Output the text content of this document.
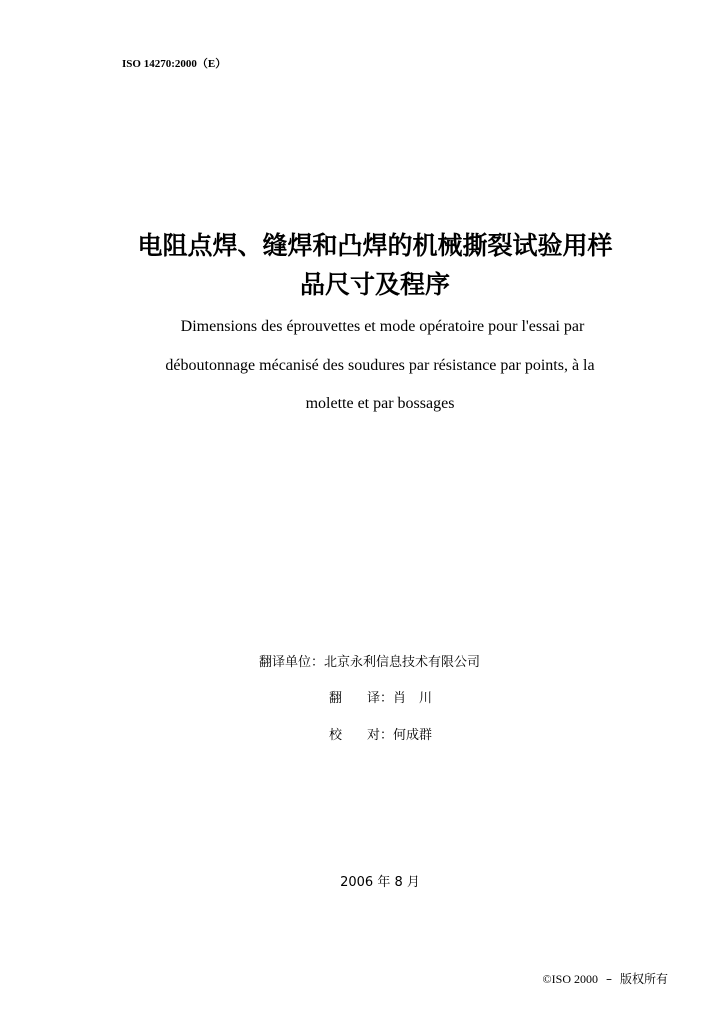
ISO 14270:2000（E）
电阻点焊、缝焊和凸焊的机械撕裂试验用样
品尺寸及程序
Dimensions des éprouvettes et mode opératoire pour l'essai par
déboutonnage mécanisé des soudures par résistance par points, à la
molette et par bossages
翻译单位：北京永利信息技术有限公司
翻 译：肖　川
校 对：何成群
2006 年 8 月
©ISO 2000 – 版权所有
